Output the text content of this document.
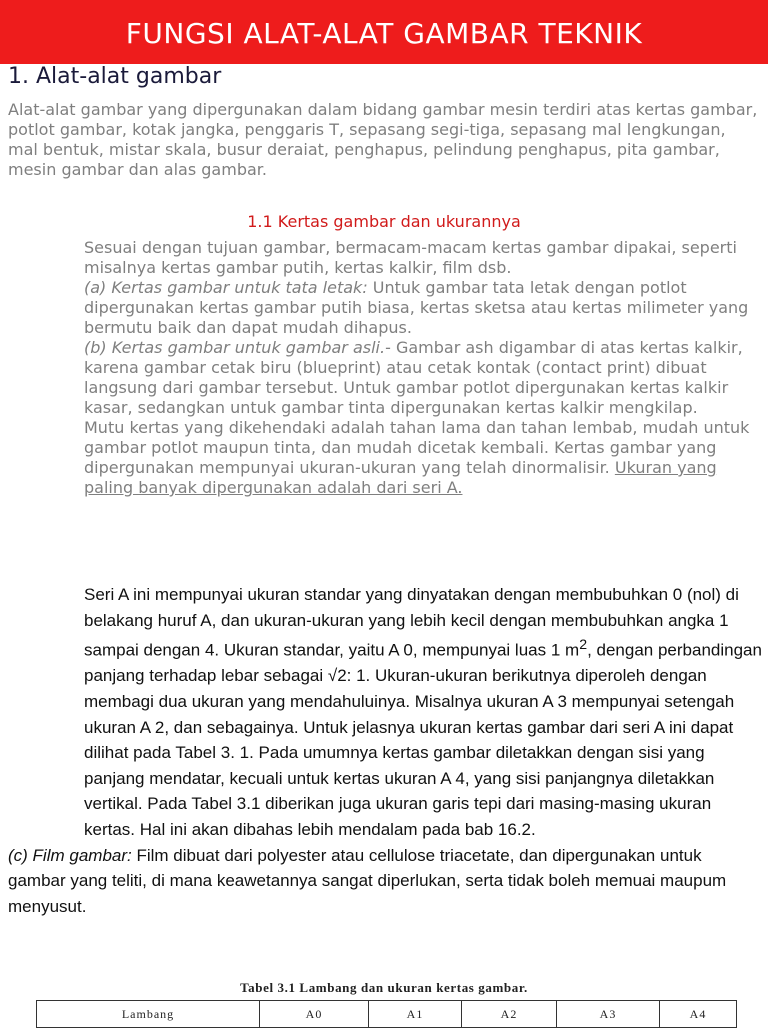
FUNGSI ALAT-ALAT GAMBAR TEKNIK
1. Alat-alat gambar
Alat-alat gambar yang dipergunakan dalam bidang gambar mesin terdiri atas kertas gambar, potlot gambar, kotak jangka, penggaris T, sepasang segi-tiga, sepasang mal lengkungan, mal bentuk, mistar skala, busur deraiat, penghapus, pelindung penghapus, pita gambar, mesin gambar dan alas gambar.
1.1 Kertas gambar dan ukurannya

Sesuai dengan tujuan gambar, bermacam-macam kertas gambar dipakai, seperti misalnya kertas gambar putih, kertas kalkir, film dsb.

(a) Kertas gambar untuk tata letak: Untuk gambar tata letak dengan potlot dipergunakan kertas gambar putih biasa, kertas sketsa atau kertas milimeter yang bermutu baik dan dapat mudah dihapus.

(b) Kertas gambar untuk gambar asli.- Gambar ash digambar di atas kertas kalkir, karena gambar cetak biru (blueprint) atau cetak kontak (contact print) dibuat langsung dari gambar tersebut. Untuk gambar potlot dipergunakan kertas kalkir kasar, sedangkan untuk gambar tinta dipergunakan kertas kalkir mengkilap.

Mutu kertas yang dikehendaki adalah tahan lama dan tahan lembab, mudah untuk gambar potlot maupun tinta, dan mudah dicetak kembali. Kertas gambar yang dipergunakan mempunyai ukuran-ukuran yang telah dinormalisir. Ukuran yang paling banyak dipergunakan adalah dari seri A.

Seri A ini mempunyai ukuran standar yang dinyatakan dengan membubuhkan 0 (nol) di belakang huruf A, dan ukuran-ukuran yang lebih kecil dengan membubuhkan angka 1 sampai dengan 4. Ukuran standar, yaitu A 0, mempunyai luas 1 $m^2$, dengan perbandingan panjang terhadap lebar sebagai √2: 1. Ukuran-ukuran berikutnya diperoleh dengan membagi dua ukuran yang mendahuluinya. Misalnya ukuran A 3 mempunyai setengah ukuran A 2, dan sebagainya. Untuk jelasnya ukuran kertas gambar dari seri A ini dapat dilihat pada Tabel 3. 1. Pada umumnya kertas gambar diletakkan dengan sisi yang panjang mendatar, kecuali untuk kertas ukuran A 4, yang sisi panjangnya diletakkan vertikal. Pada Tabel 3.1 diberikan juga ukuran garis tepi dari masing-masing ukuran kertas. Hal ini akan dibahas lebih mendalam pada bab 16.2.

(c) Film gambar: Film dibuat dari polyester atau cellulose triacetate, dan dipergunakan untuk gambar yang teliti, di mana keawetannya sangat diperlukan, serta tidak boleh memuai maupum menyusut.

Tabel 3.1 Lambang dan ukuran kertas gambar.
Lambang	A0	A1	A2	A3	A4
